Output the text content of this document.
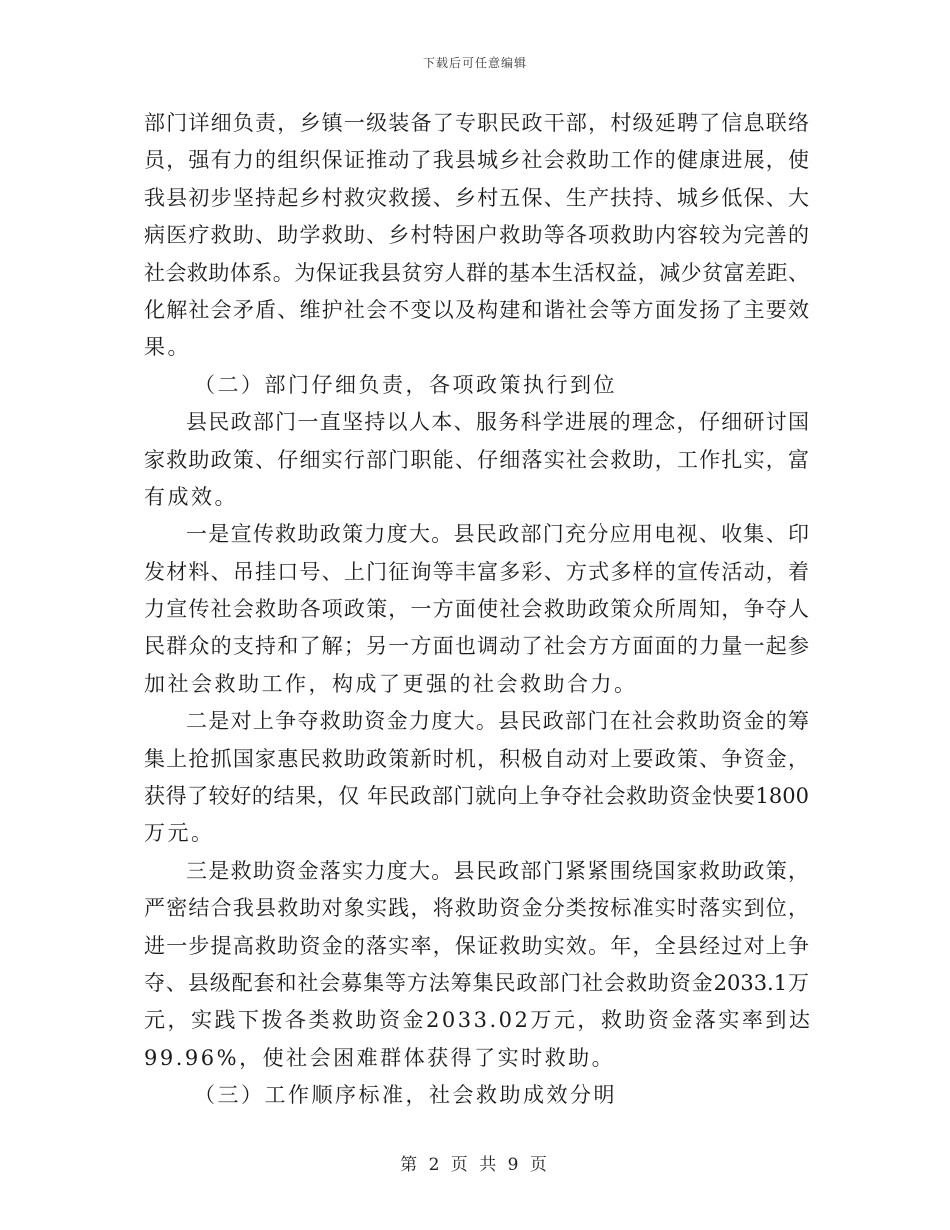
下载后可任意编辑
部门详细负责，乡镇一级装备了专职民政干部，村级延聘了信息联络
员，强有力的组织保证推动了我县城乡社会救助工作的健康进展，使
我县初步坚持起乡村救灾救援、乡村五保、生产扶持、城乡低保、大
病医疗救助、助学救助、乡村特困户救助等各项救助内容较为完善的
社会救助体系。为保证我县贫穷人群的基本生活权益，减少贫富差距、
化解社会矛盾、维护社会不变以及构建和谐社会等方面发扬了主要效
果。
（二）部门仔细负责，各项政策执行到位
县民政部门一直坚持以人本、服务科学进展的理念，仔细研讨国
家救助政策、仔细实行部门职能、仔细落实社会救助，工作扎实，富
有成效。
一是宣传救助政策力度大。县民政部门充分应用电视、收集、印
发材料、吊挂口号、上门征询等丰富多彩、方式多样的宣传活动，着
力宣传社会救助各项政策，一方面使社会救助政策众所周知，争夺人
民群众的支持和了解；另一方面也调动了社会方方面面的力量一起参
加社会救助工作，构成了更强的社会救助合力。
二是对上争夺救助资金力度大。县民政部门在社会救助资金的筹
集上抢抓国家惠民救助政策新时机，积极自动对上要政策、争资金，
获得了较好的结果，仅 年民政部门就向上争夺社会救助资金快要1800
万元。
三是救助资金落实力度大。县民政部门紧紧围绕国家救助政策，
严密结合我县救助对象实践，将救助资金分类按标准实时落实到位，
进一步提高救助资金的落实率，保证救助实效。年，全县经过对上争
夺、县级配套和社会募集等方法筹集民政部门社会救助资金2033.1万
元，实践下拨各类救助资金2033.02万元，救助资金落实率到达
99.96%，使社会困难群体获得了实时救助。
（三）工作顺序标准，社会救助成效分明
第 2 页 共 9 页
